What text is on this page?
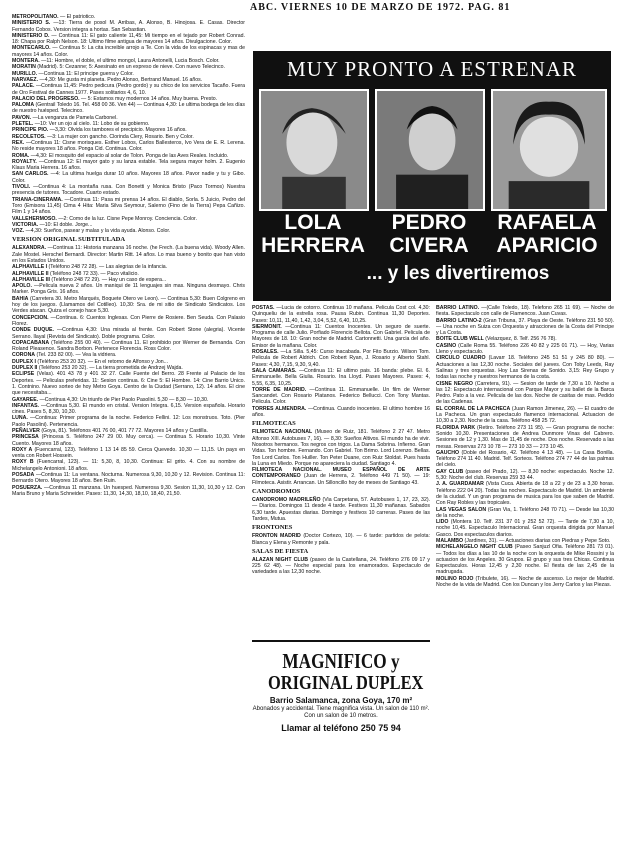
ABC. VIERNES 10 DE MARZO DE 1972. PAG. 81

METROPOLITANO. — El patriotico.

MINISTERIO S. —13: Tierra de posol M. Arribas, A. Alonso, B. Hinojosa. E. Casas. Director Fernando Cobos. Version integra a hortas. San Sebastian.

MINISTERIO D. — Continua 11: El gato caliente 11,45: Mi tiempo en el tejado por Robert Conrad. 18: Chapa por Ralph Nelson. 18: Ultimo filme antigua de mayores 14 años. Divulgacione. Color.

MONTECARLO. — Continua 5: La cita increible arrojo a Te. Con la vida de los espinacas y mas de mayores 14 años. Color.

MONTERA. —11: Hombre, el doble, el ultimo mongol, Laura Antonelli, Lucia Bosch. Color.

MORATIN (Madrid). 5: Cezanne; 5: Asesinato en un expreso de nieve. Con nuevo Telecinco.

MURILLO. —Continua 11: El principe guerra y Color.

NARVAEZ. —4,30: Me gusta mi planeta. Pedro Alonso, Bertrand Manuel. 16 años.

PALACE. —Continua 11,45: Pedro pedicura (Pedro gordo) y su chico de los servicios Tacaño. Fuera de Oro Festival de Cannes 1977. Pases solitarios 4, 6, 10.

PALACIO DEL PROGRESO. — 5: Estamos muy modernos 14 años. Muy buena. Presto.

PALOMA (Gentrail Toledo 16. Tel. 458 00 36. Ven 44) — Continua 4,30: Le ultima bodega de les días de nuestro huésped. Telecinco.

PAVON. —La venganza de Pamela Carbonel.

PLETEL. —10: Ver un ojo al cielo. 11: Lobo de su gobierno.

PRINCIPE PIO. —3,30: Olvida los tambores el precipicio. Mayores 16 años.

RECOLETOS. —3: La mujer con gancho. Clorinda Clery, Rosario. Ben y Color.

REX. —Continua 11: Cisne morisques. Esther Lobos, Carlos Ballesteros, Ivo Vera de E. R. Lerena. No reside mayores 18 años. Ponga Cid. Continua. Color.

ROMA. —4,30: El mosquito del espacio al solar de Tolon. Ponga de las Aves Reales. Incluido.

ROYALTY. —Continua 12: El mayor gato y su lanza estable. Tela segura mayor holm. 2. Eugenio Klaus Maria Herrera. 16 años.

SAN CARLOS. —4: La ultima huelga durar 10 años. Mayores 18 años. Pavor nadie y tu y Gibo. Color.

TIVOLI. —Continua 4: La montaña rusa. Con Bonetti y Monica Bristo (Paco Tormos) Nuestra presencia de tutores. Tocadore. Cuarto estado.

TRIANA-CINERAMA. —Continua 11: Pasa mi prensa 14 años. El diablo, Sorla. 5 Juicio, Pedro del Toro (Emisora 11,45) Cima 4 Hita: Maria Silva Seymour, Salerno (Fino de la Tierra) Pepa Cañizo. Film 1 y 14 años.

VALLEHERMOSO. —2: Como de la luz. Cisne Pepe Monroy. Conciencia. Color.

VICTORIA. —10: El doble. Jorge...

VOZ. —4,30: Sueños, pasear y malas y la vida ayuda. Alonso. Color.

VERSION ORIGINAL SUBTITULADA

ALEXANDRA. —Continua 11: Historia manzana 16 noche. (he Frech. (La buena vida). Woody Allen. Zale Mostel. Herschel Bernardi. Director: Martin Ritt. 14 años. Lo mas bueno y bonito que han visto en los Estados Unidos.

ALPHAVILLE I (Teléfono 248 72 28). — Las alegrias de la infancia.

ALPHAVILLE II (Teléfono 248 72 33). — Paco vitalicio.

ALPHAVILLE III (Teléfono 248 72 29). — Hay un caso de espera...

APOLO. —Pelicula nueva 2 años. Un maniqui de 11 lenguajes sin mas. Ninguna desmayo. Chris Marker. Ponga Gris. 16 años.

BAHIA (Carretera 30. Metro Marqués, Boquete Otero ve Leon). — Continua 5,30: Buen Colgreno en hoy de los juegos. (Llamamos del Cotilleo). 10,30: Sra. de mi sitio de Sindicato Sindicatos. Los Verdes atacan. Quiza el conejo hace 5,30.

CONCEPCION. —Continua. 6: Cuentos Inglesas. Con Pierre de Rosiere. Ben Seuda. Con Palasio Florez.

CONDE DUQUE. —Continua 4,30: Una mirada al frente. Con Robert Stone (alegria). Vicente Serrano. Ilayal (Revista del Sindicato). Doble programa. Color.

COPACABANA (Teléfono 255 00 40). — Continua 11. El prohibido por Werner de Bernanda. Con Roland Pleasence. Sandra Borbon. Pertenece Florencia. Ross Color.

CORONA (Tel. 233 82 00). — Vea la vidriera.

DUPLEX I (Teléfono 253 20 32). — En el retorno de Alfonso y Jon...

DUPLEX II (Teléfono 253 20 32). — La tierra prometida de Andrzej Wajda.

ECLIPSE (Velas). 401 43 78 y 401 32 27. Calle Fuente del Berro. 28 Frente al Palacio de los Deportes. — Peliculas preferidas. 11: Sesion continua. 6: Cine 5: El Hombre. 14: Cine Barrio Unico. 1. Contnino. Nuevo sorteo de hoy Metro Goya. Centro de la Ciudad (Serrano, 12). 14 años. El cine que necesitaba...

GAYAREE. —Continua 4,30: Un triunfo de Pier Paolo Pasolini. 5,30 — 8,30 — 10,30.

INFANTAS. —Continua 5,30. El mundo en cristal. Version Integra. 6,15. Version española. Horario cines. Pases 5, 8,30, 10,30.

LUNA. —Continua: Primer programa de la noche. Federico Fellini. 12: Los monstruos. Toto. (Pier Paolo Pasolini). Pertenencia.

PEÑALVER (Goya, 81). Teléfonos 401 76 00, 401 77 72. Mayores 14 años y Castilla.

PRINCESA (Princesa 5. Teléfono 247 29 00. Muy cerca). — Continua 5. Horario 10,30. Vinte Cuento. Mayores 18 años.

ROXY A (Fuencarral, 123). Teléfono 1 13 14 85 59. Cerca Quevedo. 10,30 — 11,15. Un pays en venta con Robert Hossein.

ROXY B (Fuencarral, 123). — 11: 5,30, 8, 10,30. Continua: El grito. 4. Con su nombre de Michelangelo Antonioni. 18 años.

POSADA —Continua 11: La ventana. Nocturna. Numerosa 9,30, 10,30 y 12. Revision. Continua 11: Bernardo Otero. Mayores 18 años. Ben Ruin.

POSUERZA. —Continua 11 manzana. Un huesped. Numerosa 9,30. Sesion 11,30, 10,30 y 12. Con Maria Bruno y Maria Schneider. Pases: 11,30, 14,30, 18,10, 18,40, 21,50.

MUY PRONTO A ESTRENAR
LOLA
HERRERA
PEDRO
CIVERA
RAFAELA
APARICIO
... y les divertiremos

POSTAS. —Lucia de cotorro. Continua 10 mañana. Pelicula Cost col. 4,30: Quinqueliu de la estrella rosa. Pausa Rubin. Continua 11,30 Deportes. Pases: 10,11, 11,40, 1,42, 3,04, 5,52, 6,40, 10,25.

SIERMONIT. —Continua 11: Cuentos Inocentes. Un seguro de suerte. Programa de calle Julio. Porfiado Florencio Bellota. Con Gabriel. Pelicula de Mayores de 18. 10: Gran noche de Madrid. Cartonnetti. Una garcia del año. Emisor de la mañana. Color.

ROSALES. —La Silla. 5,45: Curso inacabada. Por Fito Burzio. Wilson Tom. Pelicula de Robert Aldrich. Con Robert Ryan, J. Rosario y Alberto Stahl. Pases: 4,30, 7,15, 9,30, 9,40.

SALA CAMARAS. —Continua 11: El ultimo pais. 16 banda: plebe. El. 6. Emmanuelle. Bella Giulia. Rosario. Ina Lloyd. Pases Mayores. Pases: 4, 5,55, 6,35, 10,25.

TORRE DE MADRID. —Continua 11. Emmanuelle. Un film de Werner Sancandet. Con Rosario Platanos. Federico Bellucci. Con Tony Mantas. Pelicula. Color.

TORRES ALMENDRA. —Continua. Cuando inocentes. El ultimo hombre 16 años.

FILMOTECAS

FILMOTECA NACIONAL (Museo de Ruiz, 181. Teléfono 2 27 47. Metro Alfonso XIII. Autobuses 7, 16). — 8,30: Sueños Altivos. El mundo ha de vivir. Nosotros hermanos. Tos negros con trigos. La Dama Sobrina. Infierno. Gran Vidas. Ton hombre. Fernando. Con Gabriel. Ton Brimo. Lord Lorenzo. Bellas. Ton Lord Carlos. Ton Huiller. Ton Peter Duane, con Ruiz Stoldat. Pues hasta la Luna en Miedo. Porque no apareciera la ciudad. Santiago 4.

FILMOTECA NACIONAL. MUSEO ESPAÑOL DE ARTE CONTEMPORANEO (Juan de Herrera, 2. Teléfono 449 71 50). — 19: Filmoteca. Asistir. Arrancan. Un Silloncillo hoy de meses de Santiago 43.

CANODROMOS

CANODROMO MADRILEÑO (Via Carpetana, 57. Autobuses 1, 17, 23, 32). — Diarios. Domingos 11 desde 4 tarde. Festivos 11,30 mañanas. Sabados 6,30 tarde. Apuestas diarias. Domingo y festivos 10 carreras. Pases de las Tardes, Mutua.

FRONTONES

FRONTON MADRID (Doctor Cortezo, 10). — 6 tarde: partidos de pelota: Blanca y Elena y Remonte y pala.

SALAS DE FIESTA

ALAZAN NIGHT CLUB (paseo de la Castellana, 24. Teléfono 276 09 17 y 225 62 48). — Noche especial para los enamorados. Espectaculo de variedades a las 12,30 noche.

MAGNIFICO y
ORIGINAL DUPLEX
Barrio Salamanca, zona Goya, 170 m²
Abonados y accidental. Tiene magnifica vista. Un salon de 110 m². Con un salon de 10 metros.
Llamar al teléfono 250 75 94

BARRIO LATINO. —(Calle Toledo, 18). Telefono 265 11 69). — Noche de fiesta. Espectaculo con calle de Flamencos. Juan Cuvas.

BARRIO LATINO-2 (Gran Tribuna, 37. Playa de Oeste. Teléfono 231 50 50). — Una noche en Suiza con Orquesta y atracciones de la Costa del Principe y La Costa.

BOITE CLUB WELL (Velazquez, 8. Telf. 256 76 78).

CASINO (Calle Roma 55. Teléfono 226 40 82 y 225 01 71). — Hoy, Varias Lleno y espectaculo.

CIRCULO CUADRO (Lavarr 18. Teléfono 245 51 51 y 245 80 80). — Actuaciones a las 12,30 noche. Sociales del jueves. Con Toby Leeds, Ray Salinas y tres orquestas. Hoy Las Sirenas de Sonido. 3,15: Rey Grupo y todas las noche y nuestros hermanos de la costa.

CISNE NEGRO (Carretera, 91). — Sesion de tarde de 7,30 a 10. Noche a las 12: Espectaculo internacional con Parque Mayor y su ballet de la Barca Pedro. Pato a la vez. Pelicula de las dos. Noche de casitas de mas. Pedido de las Cadenas.

EL CORRAL DE LA PACHECA (Juan Ramon Jimenez, 26). — El cuadro de La Pacheca. Un gran espectaculo flamenco internacional. Actuacion de 10,30 a 2,30. Noche de la casa. Teléfono 458 25 72.

FLORIDA PARK (Retiro. Teléfono 273 11 95). — Gran programa de noche: Sonido 10,30. Presentaciones de Andrea Dunmore Vinas del Cabrero. Sesiones de 12 y 1,30. Mas de 11,45 de noche. Dos noche. Reservado a las mesas. Reservas 273 10 78 — 273 10 33 — 273 10 45.

GAUCHO (Doble del Rosario, 42. Teléfono 4 13 48). — La Casa Bonilla. Teléfono 274 11 40. Madrid. Telf. Sorteos. Teléfono 274 77 44 de las palmas del cielo.

GAY CLUB (paseo del Prado, 12). — 8,30 noche: espectaculo. Noche 12. 5,30: Noche del club. Reservas 259 33 44.

J. A. GUARDAMAR (Vista Cuca. Abierta de 18 a 22 y de 23 a 3,30 horas. Teléfono 222 04 20). Todas las noches. Espectaculo de Madrid. Un ambiente de la ciudad. Y un gran programa de musica para los que saben de Madrid. Con Ray Robles y las tropicales.

LAS VEGAS SALON (Gran Via, 1. Teléfono 248 70 71). — Desde las 10,30 de la noche.

LIDO (Montera 10. Telf. 231 37 01 y 252 52 72). — Tarde de 7,30 a 10, noche 10,45. Espectaculo Internacional. Gran orquesta dirigida por Manuel Gasco. Dos espectaculos diarios.

MALAMBO (Jardines, 31). — Actuaciones diarias con Piedras y Pepe Soto.

MICHELANGELO NIGHT CLUB (Paseo Sanjuzl Ofia. Teléfono 281 73 01). — Todos los días a las 10 de la noche con la orquesta de Mike Rossini y la actuacion de los Angeles. 30 Grupos. El grupo y sus tres Chicas. Continua Espectaculos. Horas 12,45 y 2,30 noche. El fiesta de las 2,45 de la madrugada.

MOLINO ROJO (Tribulete, 16). — Noche de ascenso. Lo mejor de Madrid. Noche de la vida de Madrid. Con los Duncan y los Jerry Carlos y las Piezas.
